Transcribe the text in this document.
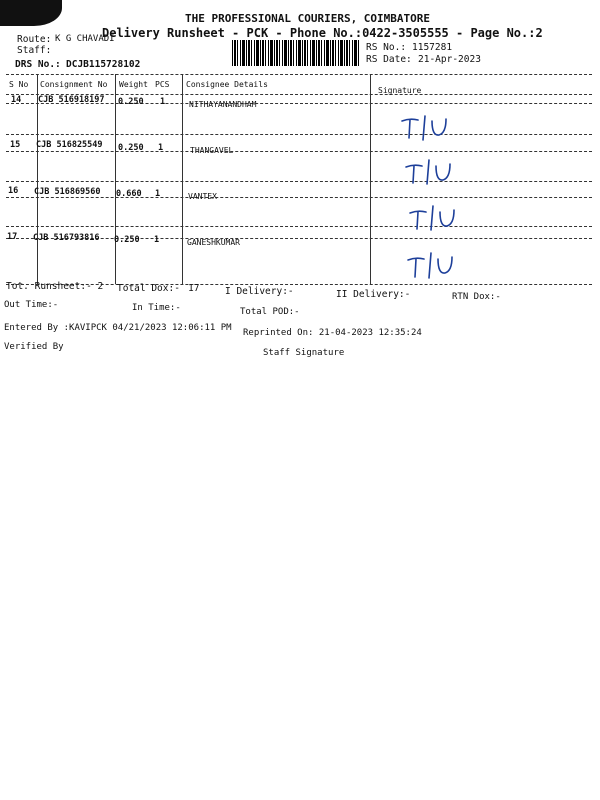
THE PROFESSIONAL COURIERS, COIMBATORE
Delivery Runsheet - PCK - Phone No.:0422-3505555 - Page No.:2
Route: K G CHAVADI
Staff:
DRS No.: DCJB115728102
RS No.: 1157281
RS Date: 21-Apr-2023
S No Consignment No Weight PCS Consignee Details
Signature
14 CJB 516918197 0.250 1	NITHAYANANDHAM
15 CJB 516825549 0.250 1	THANGAVEL
16 CJB 516869560 0.660 1	VANTEX
17 CJB 516793816 0.250 1	GANESHKUMAR
Tot. Runsheet:- 2 Total Dox:- 17	I Delivery:-	II Delivery:-	RTN Dox:-
Out Time:-	In Time:-	Total POD:-
Entered By :KAVIPCK 04/21/2023 12:06:11 PM Reprinted On: 21-04-2023 12:35:24
Verified By
Staff Signature
